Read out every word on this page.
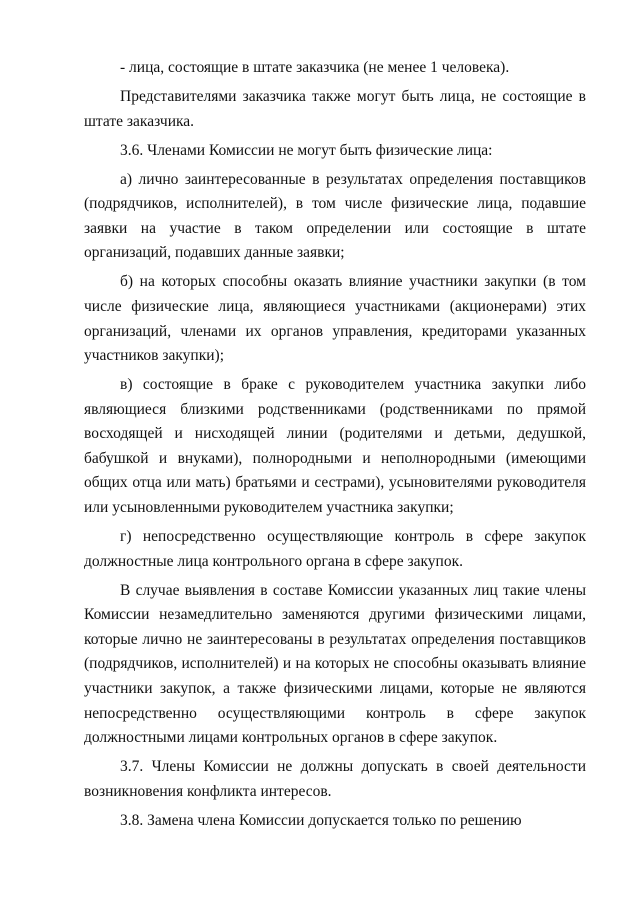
- лица, состоящие в штате заказчика (не менее 1 человека).

Представителями заказчика также могут быть лица, не состоящие в штате заказчика.

3.6. Членами Комиссии не могут быть физические лица:

а) лично заинтересованные в результатах определения поставщиков (подрядчиков, исполнителей), в том числе физические лица, подавшие заявки на участие в таком определении или состоящие в штате организаций, подавших данные заявки;

б) на которых способны оказать влияние участники закупки (в том числе физические лица, являющиеся участниками (акционерами) этих организаций, членами их органов управления, кредиторами указанных участников закупки);

в) состоящие в браке с руководителем участника закупки либо являющиеся близкими родственниками (родственниками по прямой восходящей и нисходящей линии (родителями и детьми, дедушкой, бабушкой и внуками), полнородными и неполнородными (имеющими общих отца или мать) братьями и сестрами), усыновителями руководителя или усыновленными руководителем участника закупки;

г) непосредственно осуществляющие контроль в сфере закупок должностные лица контрольного органа в сфере закупок.

В случае выявления в составе Комиссии указанных лиц такие члены Комиссии незамедлительно заменяются другими физическими лицами, которые лично не заинтересованы в результатах определения поставщиков (подрядчиков, исполнителей) и на которых не способны оказывать влияние участники закупок, а также физическими лицами, которые не являются непосредственно осуществляющими контроль в сфере закупок должностными лицами контрольных органов в сфере закупок.

3.7. Члены Комиссии не должны допускать в своей деятельности возникновения конфликта интересов.

3.8. Замена члена Комиссии допускается только по решению
